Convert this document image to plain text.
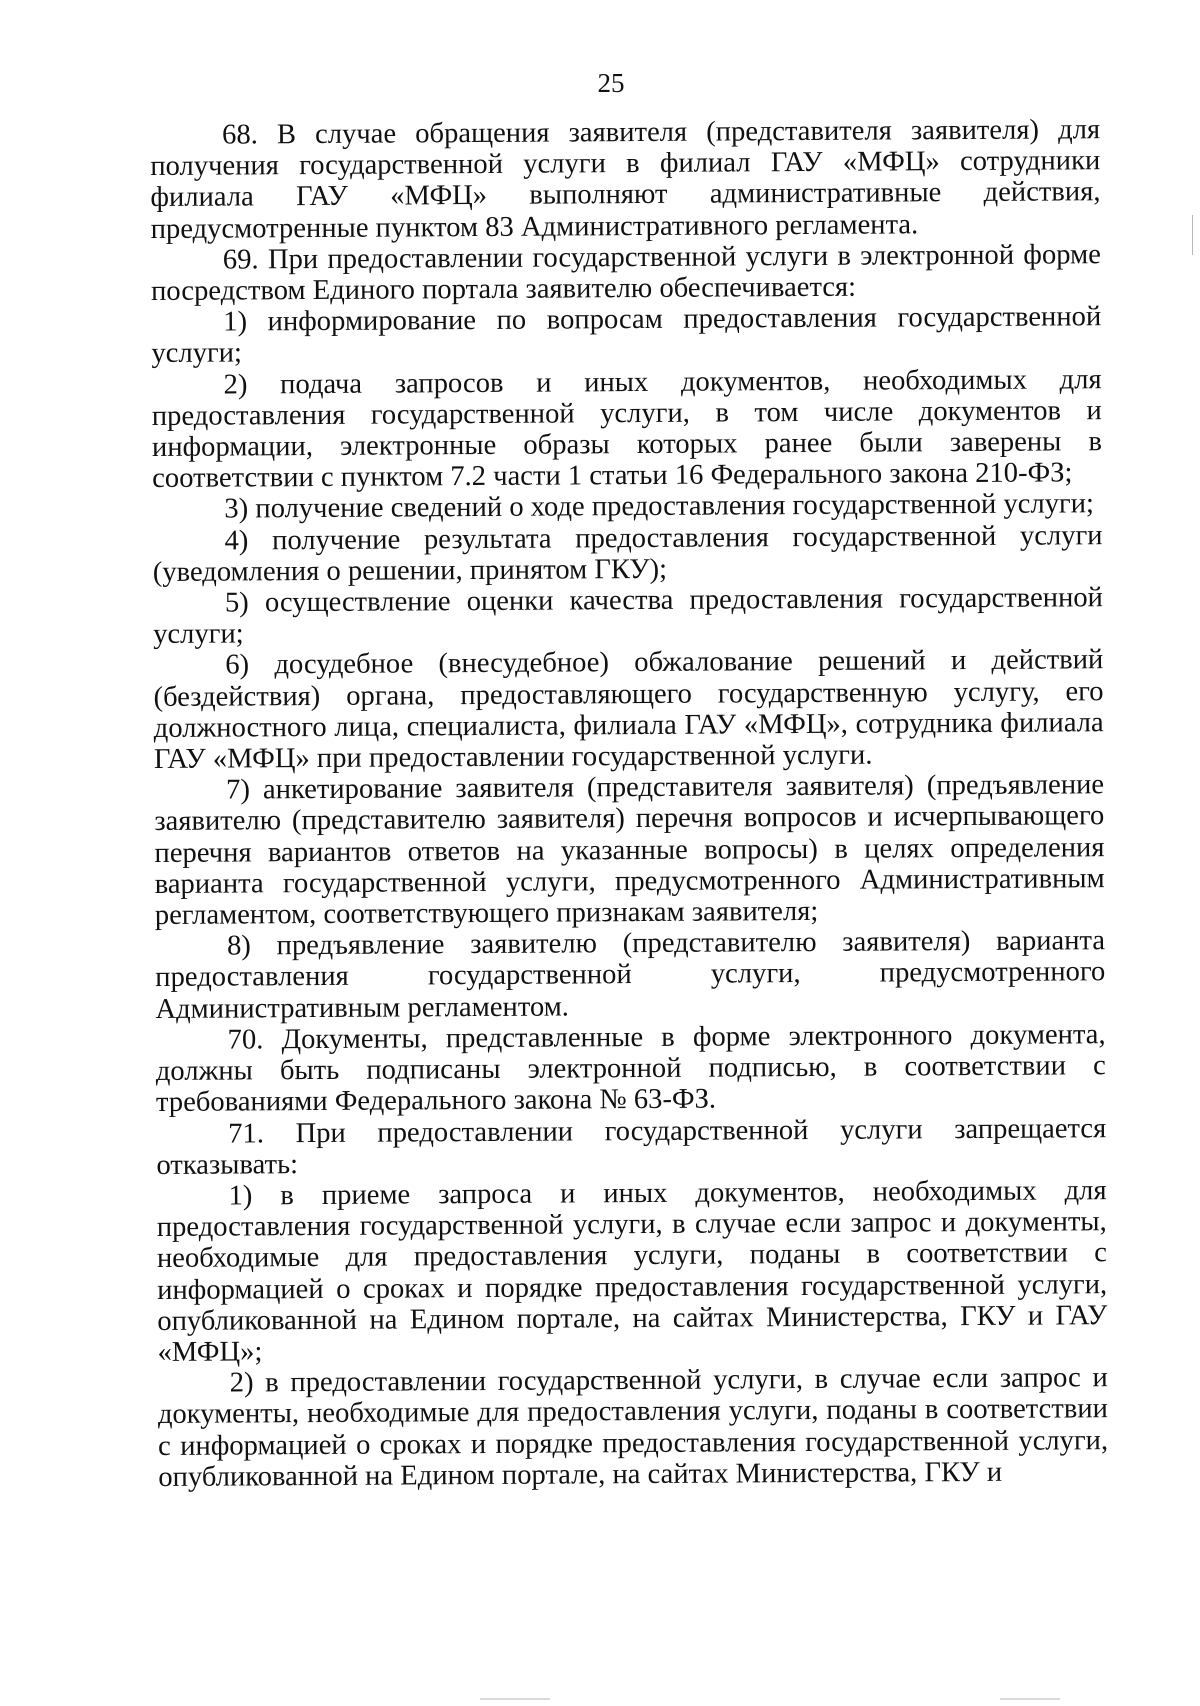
25

68. В случае обращения заявителя (представителя заявителя) для получения государственной услуги в филиал ГАУ «МФЦ» сотрудники филиала ГАУ «МФЦ» выполняют административные действия, предусмотренные пунктом 83 Административного регламента.

69. При предоставлении государственной услуги в электронной форме посредством Единого портала заявителю обеспечивается:

1) информирование по вопросам предоставления государственной услуги;

2) подача запросов и иных документов, необходимых для предоставления государственной услуги, в том числе документов и информации, электронные образы которых ранее были заверены в соответствии с пунктом 7.2 части 1 статьи 16 Федерального закона 210-ФЗ;

3) получение сведений о ходе предоставления государственной услуги;

4) получение результата предоставления государственной услуги (уведомления о решении, принятом ГКУ);

5) осуществление оценки качества предоставления государственной услуги;

6) досудебное (внесудебное) обжалование решений и действий (бездействия) органа, предоставляющего государственную услугу, его должностного лица, специалиста, филиала ГАУ «МФЦ», сотрудника филиала ГАУ «МФЦ» при предоставлении государственной услуги.

7) анкетирование заявителя (представителя заявителя) (предъявление заявителю (представителю заявителя) перечня вопросов и исчерпывающего перечня вариантов ответов на указанные вопросы) в целях определения варианта государственной услуги, предусмотренного Административным регламентом, соответствующего признакам заявителя;

8) предъявление заявителю (представителю заявителя) варианта предоставления государственной услуги, предусмотренного Административным регламентом.

70. Документы, представленные в форме электронного документа, должны быть подписаны электронной подписью, в соответствии с требованиями Федерального закона № 63-ФЗ.

71. При предоставлении государственной услуги запрещается отказывать:

1) в приеме запроса и иных документов, необходимых для предоставления государственной услуги, в случае если запрос и документы, необходимые для предоставления услуги, поданы в соответствии с информацией о сроках и порядке предоставления государственной услуги, опубликованной на Едином портале, на сайтах Министерства, ГКУ и ГАУ «МФЦ»;

2) в предоставлении государственной услуги, в случае если запрос и документы, необходимые для предоставления услуги, поданы в соответствии с информацией о сроках и порядке предоставления государственной услуги, опубликованной на Едином портале, на сайтах Министерства, ГКУ и
